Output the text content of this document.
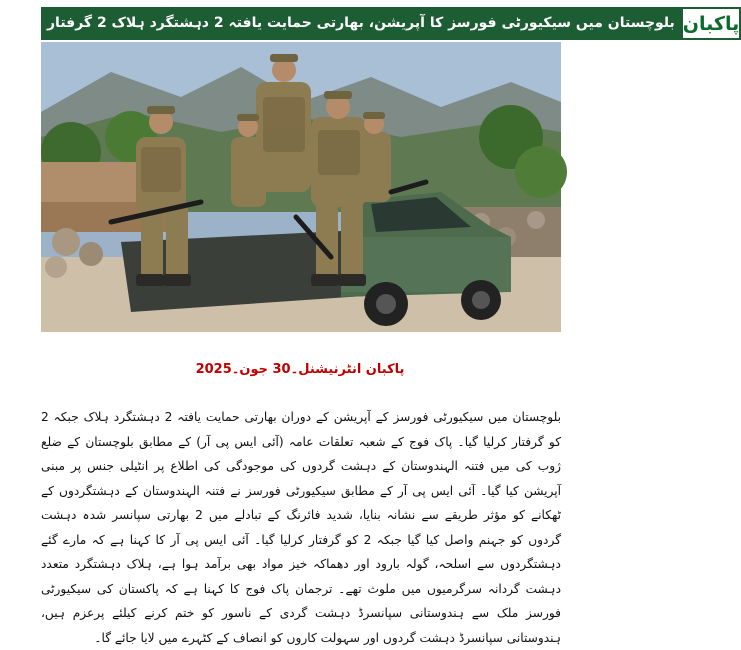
بلوچستان میں سیکیورٹی فورسز کا آپریشن، بھارتی حمایت یافتہ 2 دہشتگرد ہلاک 2 گرفتار پاکبان
پاکبان انٹرنیشنل۔30 جون۔2025

بلوچستان میں سیکیورٹی فورسز کے آپریشن کے دوران بھارتی حمایت یافتہ 2 دہشتگرد ہلاک جبکہ 2 کو گرفتار کرلیا گیا۔ پاک فوج کے شعبہ تعلقات عامہ (آئی ایس پی آر) کے مطابق بلوچستان کے ضلع ژوب کی میں فتنہ الہندوستان کے دہشت گردوں کی موجودگی کی اطلاع پر انٹیلی جنس پر مبنی آپریشن کیا گیا۔ آئی ایس پی آر کے مطابق سیکیورٹی فورسز نے فتنہ الہندوستان کے دہشتگردوں کے ٹھکانے کو مؤثر طریقے سے نشانہ بنایا، شدید فائرنگ کے تبادلے میں 2 بھارتی سپانسر شدہ دہشت گردوں کو جہنم واصل کیا گیا جبکہ 2 کو گرفتار کرلیا گیا۔ آئی ایس پی آر کا کہنا ہے کہ مارے گئے دہشتگردوں سے اسلحہ، گولہ بارود اور دھماکہ خیز مواد بھی برآمد ہوا ہے، ہلاک دہشتگرد متعدد دہشت گردانہ سرگرمیوں میں ملوث تھے۔ ترجمان پاک فوج کا کہنا ہے کہ پاکستان کی سیکیورٹی فورسز ملک سے ہندوستانی سپانسرڈ دہشت گردی کے ناسور کو ختم کرنے کیلئے پرعزم ہیں، ہندوستانی سپانسرڈ دہشت گردوں اور سہولت کاروں کو انصاف کے کٹہرے میں لایا جائے گا۔
